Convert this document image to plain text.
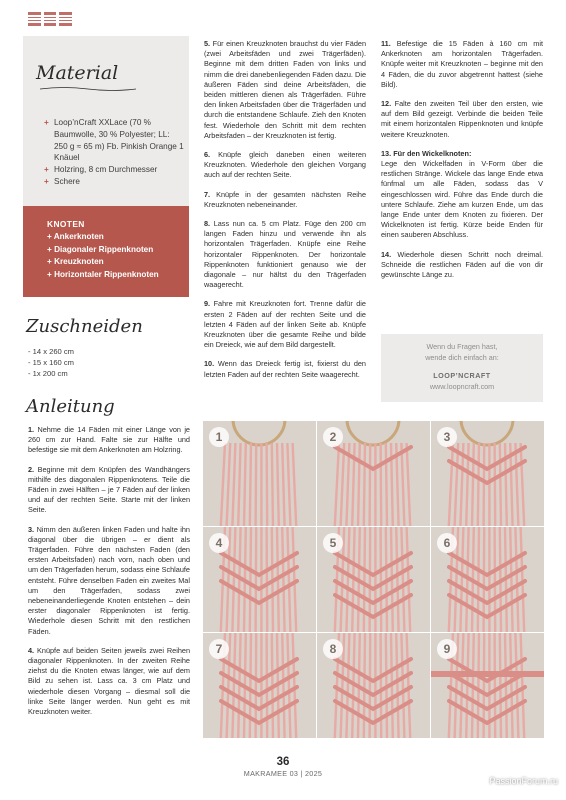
Material
+ Loop’nCraft XXLace (70 % Baumwolle, 30 % Polyester; LL: 250 g ≈ 65 m) Fb. Pinkish Orange 1 Knäuel
+ Holzring, 8 cm Durchmesser
+ Schere
KNOTEN
+ Ankerknoten
+ Diagonaler Rippenknoten
+ Kreuzknoten
+ Horizontaler Rippenknoten
Zuschneiden
- 14 x 260 cm
- 15 x 160 cm
- 1x 200 cm
Anleitung

1. Nehme die 14 Fäden mit einer Länge von je 260 cm zur Hand. Falte sie zur Hälfte und befestige sie mit dem Ankerknoten am Holzring.

2. Beginne mit dem Knüpfen des Wandhängers mithilfe des diagonalen Rippenknotens. Teile die Fäden in zwei Hälften – je 7 Fäden auf der linken und auf der rechten Seite. Starte mit der linken Seite.

3. Nimm den äußeren linken Faden und halte ihn diagonal über die übrigen – er dient als Trägerfaden. Führe den nächsten Faden (den ersten Arbeitsfaden) nach vorn, nach oben und um den Trägerfaden herum, sodass eine Schlaufe entsteht. Führe denselben Faden ein zweites Mal um den Trägerfaden, sodass zwei nebeneinanderliegende Knoten entstehen – dein erster diagonaler Rippenknoten ist fertig. Wiederhole diesen Schritt mit den restlichen Fäden.

4. Knüpfe auf beiden Seiten jeweils zwei Reihen diagonaler Rippenknoten. In der zweiten Reihe ziehst du die Knoten etwas länger, wie auf dem Bild zu sehen ist. Lass ca. 3 cm Platz und wiederhole diesen Vorgang – diesmal soll die linke Seite länger werden. Nun geht es mit Kreuzknoten weiter.

5. Für einen Kreuzknoten brauchst du vier Fäden (zwei Arbeitsfäden und zwei Trägerfäden). Beginne mit dem dritten Faden von links und nimm die drei danebenliegenden Fäden dazu. Die äußeren Fäden sind deine Arbeitsfäden, die beiden mittleren dienen als Trägerfäden. Führe den linken Arbeitsfaden über die Trägerfäden und durch die entstandene Schlaufe. Zieh den Knoten fest. Wiederhole den Schritt mit dem rechten Arbeitsfaden – der Kreuzknoten ist fertig.

6. Knüpfe gleich daneben einen weiteren Kreuzknoten. Wiederhole den gleichen Vorgang auch auf der rechten Seite.

7. Knüpfe in der gesamten nächsten Reihe Kreuzknoten nebeneinander.

8. Lass nun ca. 5 cm Platz. Füge den 200 cm langen Faden hinzu und verwende ihn als horizontalen Trägerfaden. Knüpfe eine Reihe horizontaler Rippenknoten. Der horizontale Rippenknoten funktioniert genauso wie der diagonale – nur hältst du den Trägerfaden waagerecht.

9. Fahre mit Kreuzknoten fort. Trenne dafür die ersten 2 Fäden auf der rechten Seite und die letzten 4 Fäden auf der linken Seite ab. Knüpfe Kreuzknoten über die gesamte Reihe und bilde ein Dreieck, wie auf dem Bild dargestellt.

10. Wenn das Dreieck fertig ist, fixierst du den letzten Faden auf der rechten Seite waagerecht.

11. Befestige die 15 Fäden à 160 cm mit Ankerknoten am horizontalen Trägerfaden. Knüpfe weiter mit Kreuzknoten – beginne mit den 4 Fäden, die du zuvor abgetrennt hattest (siehe Bild).

12. Falte den zweiten Teil über den ersten, wie auf dem Bild gezeigt. Verbinde die beiden Teile mit einem horizontalen Rippenknoten und knüpfe weitere Kreuzknoten.

13. Für den Wickelknoten:
Lege den Wickelfaden in V-Form über die restlichen Stränge. Wickele das lange Ende etwa fünfmal um alle Fäden, sodass das V eingeschlossen wird. Führe das Ende durch die untere Schlaufe. Ziehe am kurzen Ende, um das lange Ende unter dem Knoten zu fixieren. Der Wickelknoten ist fertig. Kürze beide Enden für einen sauberen Abschluss.

14. Wiederhole diesen Schritt noch dreimal. Schneide die restlichen Fäden auf die von dir gewünschte Länge zu.

Wenn du Fragen hast,
wende dich einfach an:
LOOP’NCRAFT
www.loopncraft.com
1	2	3
4	5	6
7	8	9
36
MAKRAMEE 03 | 2025
PassionForum.ru
